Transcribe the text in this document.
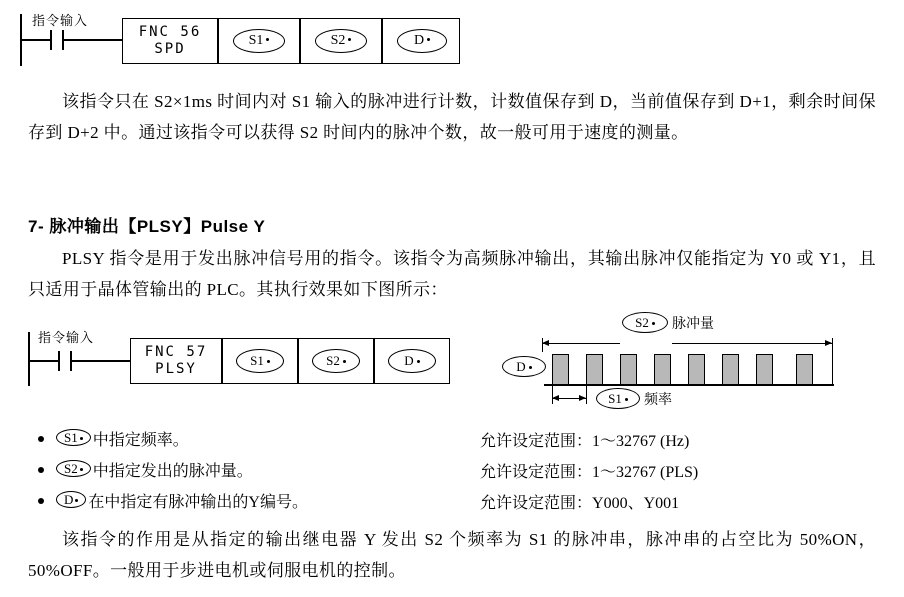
指令输入
FNC 56
SPD
S1	S2	D
该指令只在 S2×1ms 时间内对 S1 输入的脉冲进行计数，计数值保存到 D，当前值保存到 D+1，剩余时间保存到 D+2 中。通过该指令可以获得 S2 时间内的脉冲个数，故一般可用于速度的测量。
7- 脉冲输出【PLSY】Pulse Y
PLSY 指令是用于发出脉冲信号用的指令。该指令为高频脉冲输出，其输出脉冲仅能指定为 Y0 或 Y1，且只适用于晶体管输出的 PLC。其执行效果如下图所示：
指令输入
FNC 57
PLSY
S1	S2	D
S2	脉冲量
D
S1	频率
S1 中指定频率。
S2 中指定发出的脉冲量。
D 在中指定有脉冲输出的Y编号。
允许设定范围：1～32767 (Hz)
允许设定范围：1～32767 (PLS)
允许设定范围：Y000、Y001
该指令的作用是从指定的输出继电器 Y 发出 S2 个频率为 S1 的脉冲串，脉冲串的占空比为 50%ON，50%OFF。一般用于步进电机或伺服电机的控制。
